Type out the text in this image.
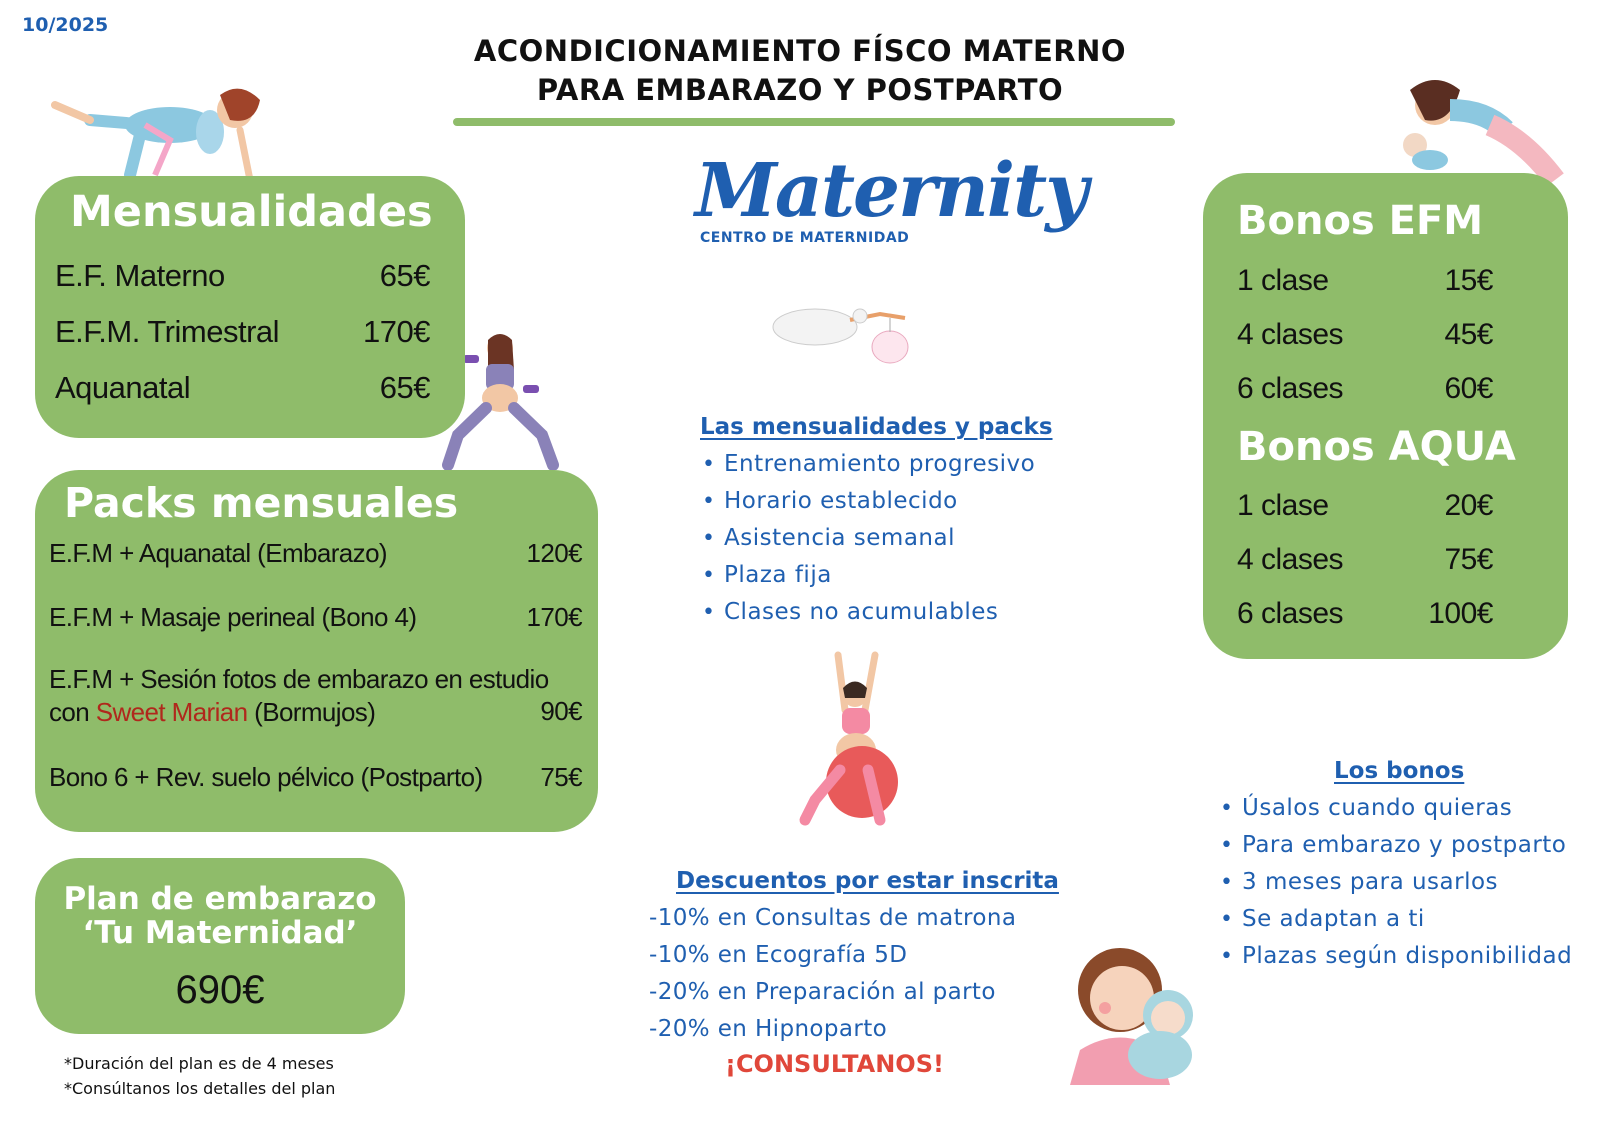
10/2025
ACONDICIONAMIENTO FÍSCO MATERNO
PARA EMBARAZO Y POSTPARTO
Mensualidades
E.F. Materno	65€
E.F.M. Trimestral	170€
Aquanatal	65€
Packs mensuales
E.F.M + Aquanatal (Embarazo)	120€
E.F.M + Masaje perineal (Bono 4)	170€
E.F.M + Sesión fotos de embarazo en estudio
con Sweet Marian (Bormujos)	90€
Bono 6 + Rev. suelo pélvico (Postparto) 75€
Plan de embarazo
‘Tu Maternidad’
690€
*Duración del plan es de 4 meses
*Consúltanos los detalles del plan
Maternity
CENTRO DE MATERNIDAD
Las mensualidades y packs
• Entrenamiento progresivo
• Horario establecido
• Asistencia semanal
• Plaza fija
• Clases no acumulables
Descuentos por estar inscrita
-10% en Consultas de matrona
-10% en Ecografía 5D
-20% en Preparación al parto
-20% en Hipnoparto
¡CONSULTANOS!
Bonos EFM
1 clase	15€
4 clases	45€
6 clases	60€
Bonos AQUA
1 clase	20€
4 clases	75€
6 clases	100€
Los bonos
• Úsalos cuando quieras
• Para embarazo y postparto
• 3 meses para usarlos
• Se adaptan a ti
• Plazas según disponibilidad
